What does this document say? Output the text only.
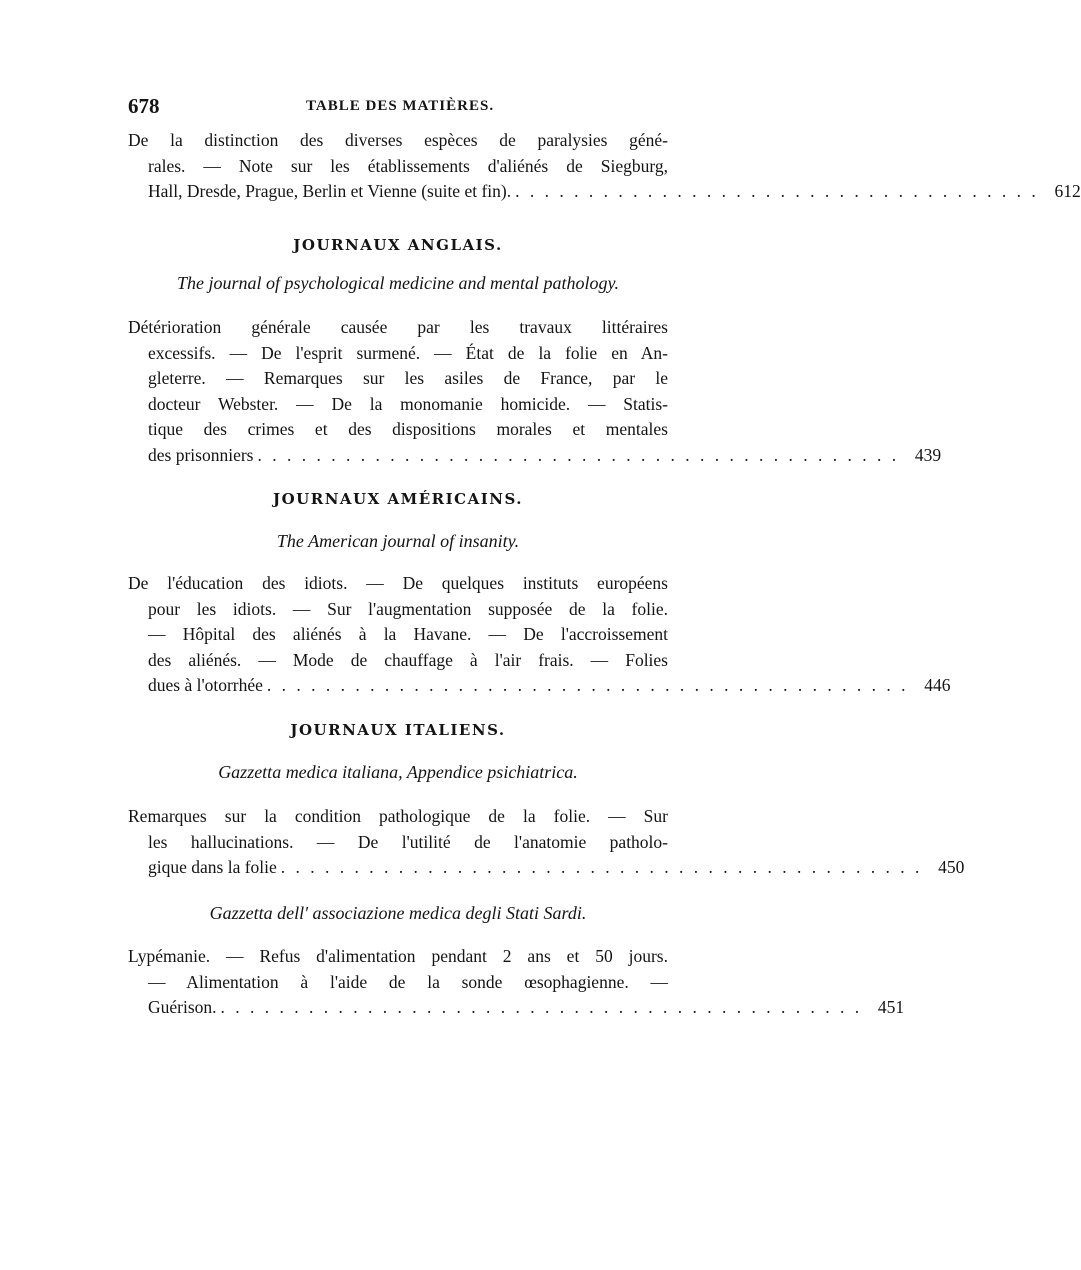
678	TABLE DES MATIÈRES.
De la distinction des diverses espèces de paralysies géné-
rales. — Note sur les établissements d'aliénés de Siegburg,
Hall, Dresde, Prague, Berlin et Vienne (suite et fin). . . . . . . . . . . . . . . . . . . . . . . . . . . . . . . . . . . . . 612
JOURNAUX ANGLAIS.
The journal of psychological medicine and mental pathology.
Détérioration générale causée par les travaux littéraires
excessifs. — De l'esprit surmené. — État de la folie en An-
gleterre. — Remarques sur les asiles de France, par le
docteur Webster. — De la monomanie homicide. — Statis-
tique des crimes et des dispositions morales et mentales
des prisonniers . . . . . . . . . . . . . . . . . . . . . . . . . . . . . . . . . . . . . . . . . . . . 439
JOURNAUX AMÉRICAINS.
The American journal of insanity.
De l'éducation des idiots. — De quelques instituts européens
pour les idiots. — Sur l'augmentation supposée de la folie.
— Hôpital des aliénés à la Havane. — De l'accroissement
des aliénés. — Mode de chauffage à l'air frais. — Folies
dues à l'otorrhée . . . . . . . . . . . . . . . . . . . . . . . . . . . . . . . . . . . . . . . . . . . . 446
JOURNAUX ITALIENS.
Gazzetta medica italiana, Appendice psichiatrica.
Remarques sur la condition pathologique de la folie. — Sur
les hallucinations. — De l'utilité de l'anatomie patholo-
gique dans la folie . . . . . . . . . . . . . . . . . . . . . . . . . . . . . . . . . . . . . . . . . . . . 450
Gazzetta dell' associazione medica degli Stati Sardi.
Lypémanie. — Refus d'alimentation pendant 2 ans et 50 jours.
— Alimentation à l'aide de la sonde œsophagienne. —
Guérison. . . . . . . . . . . . . . . . . . . . . . . . . . . . . . . . . . . . . . . . . . . . . 451
